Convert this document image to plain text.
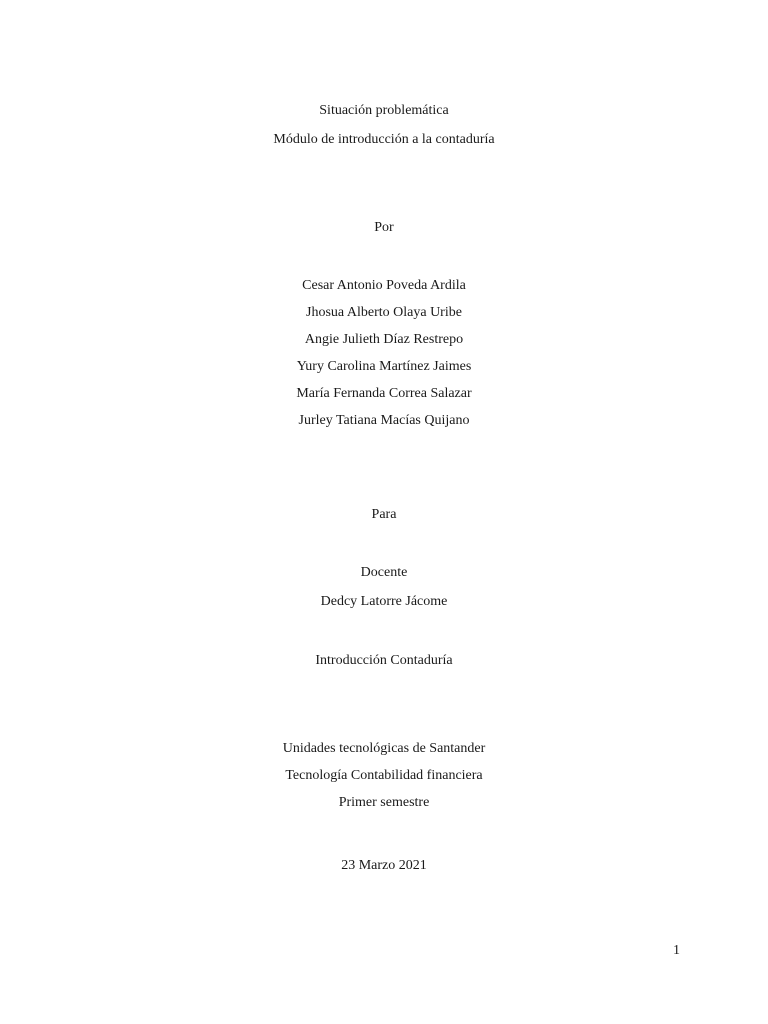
Situación problemática
Módulo de introducción a la contaduría
Por
Cesar Antonio Poveda Ardila
Jhosua Alberto Olaya Uribe
Angie Julieth Díaz Restrepo
Yury Carolina Martínez Jaimes
María Fernanda Correa Salazar
Jurley Tatiana Macías Quijano
Para
Docente
Dedcy Latorre Jácome
Introducción Contaduría
Unidades tecnológicas de Santander
Tecnología Contabilidad financiera
Primer semestre
23 Marzo 2021
1
